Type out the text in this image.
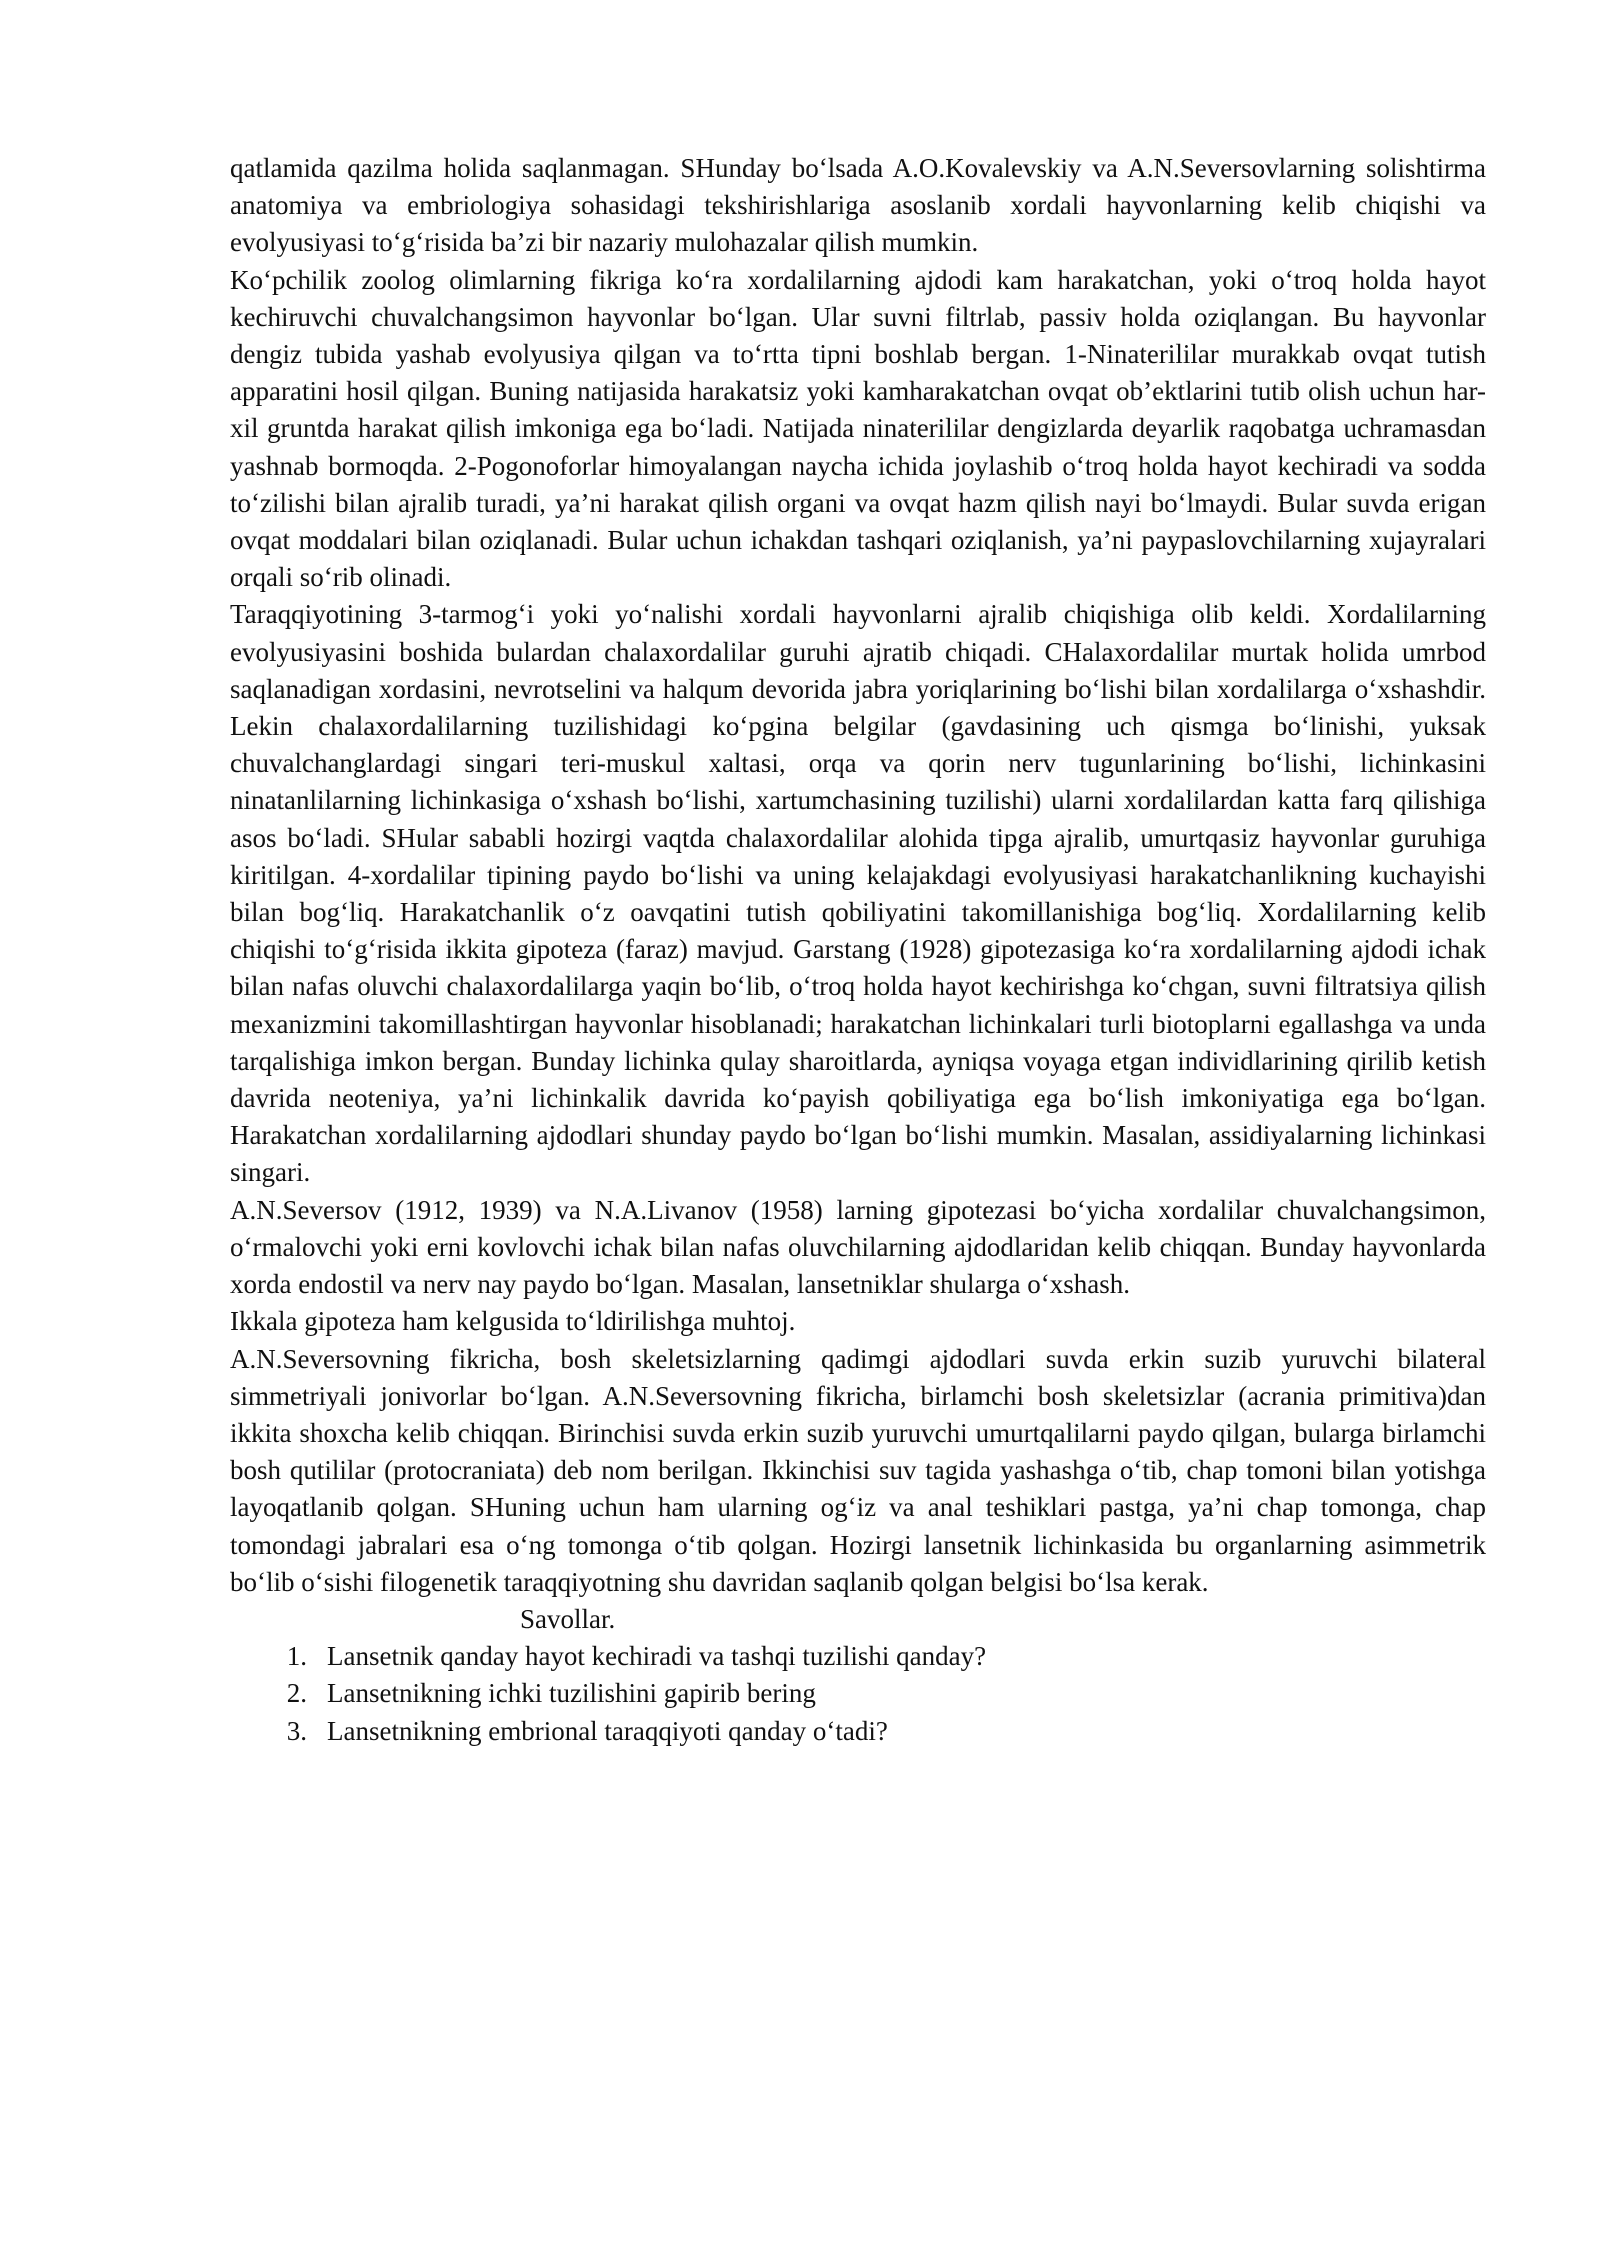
qatlamida qazilma holida saqlanmagan. SHunday bo‘lsada A.O.Kovalevskiy va A.N.Seversovlarning solishtirma anatomiya va embriologiya sohasidagi tekshirishlariga asoslanib xordali hayvonlarning kelib chiqishi va evolyusiyasi to‘g‘risida ba’zi bir nazariy mulohazalar qilish mumkin.

Ko‘pchilik zoolog olimlarning fikriga ko‘ra xordalilarning ajdodi kam harakatchan, yoki o‘troq holda hayot kechiruvchi chuvalchangsimon hayvonlar bo‘lgan. Ular suvni filtrlab, passiv holda oziqlangan. Bu hayvonlar dengiz tubida yashab evolyusiya qilgan va to‘rtta tipni boshlab bergan. 1-Ninaterililar murakkab ovqat tutish apparatini hosil qilgan. Buning natijasida harakatsiz yoki kamharakatchan ovqat ob’ektlarini tutib olish uchun har-xil gruntda harakat qilish imkoniga ega bo‘ladi. Natijada ninaterililar dengizlarda deyarlik raqobatga uchramasdan yashnab bormoqda. 2-Pogonoforlar himoyalangan naycha ichida joylashib o‘troq holda hayot kechiradi va sodda to‘zilishi bilan ajralib turadi, ya’ni harakat qilish organi va ovqat hazm qilish nayi bo‘lmaydi. Bular suvda erigan ovqat moddalari bilan oziqlanadi. Bular uchun ichakdan tashqari oziqlanish, ya’ni paypaslovchilarning xujayralari orqali so‘rib olinadi.

Taraqqiyotining 3-tarmog‘i yoki yo‘nalishi xordali hayvonlarni ajralib chiqishiga olib keldi. Xordalilarning evolyusiyasini boshida bulardan chalaxordalilar guruhi ajratib chiqadi. CHalaxordalilar murtak holida umrbod saqlanadigan xordasini, nevrotselini va halqum devorida jabra yoriqlarining bo‘lishi bilan xordalilarga o‘xshashdir. Lekin chalaxordalilarning tuzilishidagi ko‘pgina belgilar (gavdasining uch qismga bo‘linishi, yuksak chuvalchanglardagi singari teri-muskul xaltasi, orqa va qorin nerv tugunlarining bo‘lishi, lichinkasini ninatanlilarning lichinkasiga o‘xshash bo‘lishi, xartumchasining tuzilishi) ularni xordalilardan katta farq qilishiga asos bo‘ladi. SHular sababli hozirgi vaqtda chalaxordalilar alohida tipga ajralib, umurtqasiz hayvonlar guruhiga kiritilgan. 4-xordalilar tipining paydo bo‘lishi va uning kelajakdagi evolyusiyasi harakatchanlikning kuchayishi bilan bog‘liq. Harakatchanlik o‘z oavqatini tutish qobiliyatini takomillanishiga bog‘liq. Xordalilarning kelib chiqishi to‘g‘risida ikkita gipoteza (faraz) mavjud. Garstang (1928) gipotezasiga ko‘ra xordalilarning ajdodi ichak bilan nafas oluvchi chalaxordalilarga yaqin bo‘lib, o‘troq holda hayot kechirishga ko‘chgan, suvni filtratsiya qilish mexanizmini takomillashtirgan hayvonlar hisoblanadi; harakatchan lichinkalari turli biotoplarni egallashga va unda tarqalishiga imkon bergan. Bunday lichinka qulay sharoitlarda, ayniqsa voyaga etgan individlarining qirilib ketish davrida neoteniya, ya’ni lichinkalik davrida ko‘payish qobiliyatiga ega bo‘lish imkoniyatiga ega bo‘lgan. Harakatchan xordalilarning ajdodlari shunday paydo bo‘lgan bo‘lishi mumkin. Masalan, assidiyalarning lichinkasi singari.

A.N.Seversov (1912, 1939) va N.A.Livanov (1958) larning gipotezasi bo‘yicha xordalilar chuvalchangsimon, o‘rmalovchi yoki erni kovlovchi ichak bilan nafas oluvchilarning ajdodlaridan kelib chiqqan. Bunday hayvonlarda xorda endostil va nerv nay paydo bo‘lgan. Masalan, lansetniklar shularga o‘xshash.

Ikkala gipoteza ham kelgusida to‘ldirilishga muhtoj.

A.N.Seversovning fikricha, bosh skeletsizlarning qadimgi ajdodlari suvda erkin suzib yuruvchi bilateral simmetriyali jonivorlar bo‘lgan. A.N.Seversovning fikricha, birlamchi bosh skeletsizlar (acrania primitiva)dan ikkita shoxcha kelib chiqqan. Birinchisi suvda erkin suzib yuruvchi umurtqalilarni paydo qilgan, bularga birlamchi bosh qutililar (protocraniata) deb nom berilgan. Ikkinchisi suv tagida yashashga o‘tib, chap tomoni bilan yotishga layoqatlanib qolgan. SHuning uchun ham ularning og‘iz va anal teshiklari pastga, ya’ni chap tomonga, chap tomondagi jabralari esa o‘ng tomonga o‘tib qolgan. Hozirgi lansetnik lichinkasida bu organlarning asimmetrik bo‘lib o‘sishi filogenetik taraqqiyotning shu davridan saqlanib qolgan belgisi bo‘lsa kerak.

Savollar.

1. Lansetnik qanday hayot kechiradi va tashqi tuzilishi qanday?
2. Lansetnikning ichki tuzilishini gapirib bering
3. Lansetnikning embrional taraqqiyoti qanday o‘tadi?
